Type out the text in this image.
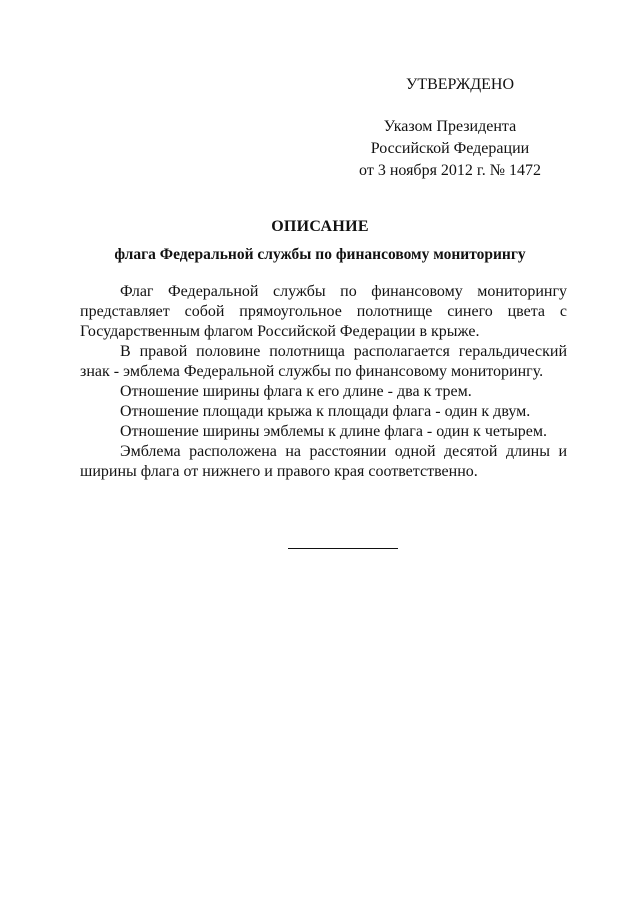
УТВЕРЖДЕНО
Указом Президента
Российской Федерации
от 3 ноября 2012 г. № 1472
ОПИСАНИЕ
флага Федеральной службы по финансовому мониторингу

Флаг Федеральной службы по финансовому мониторингу представляет собой прямоугольное полотнище синего цвета с Государственным флагом Российской Федерации в крыже.

В правой половине полотнища располагается геральдический знак - эмблема Федеральной службы по финансовому мониторингу.

Отношение ширины флага к его длине - два к трем.

Отношение площади крыжа к площади флага - один к двум.

Отношение ширины эмблемы к длине флага - один к четырем.

Эмблема расположена на расстоянии одной десятой длины и ширины флага от нижнего и правого края соответственно.
